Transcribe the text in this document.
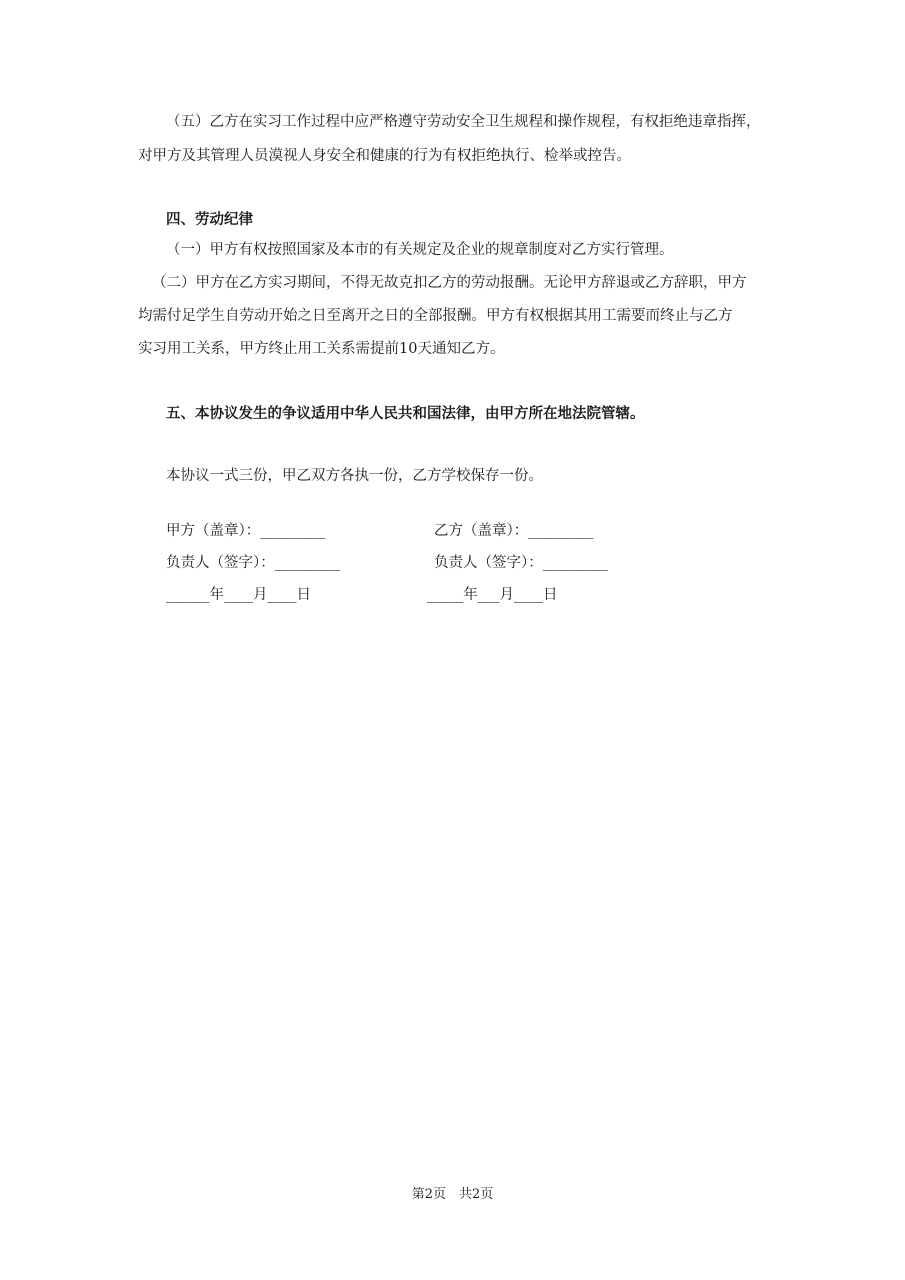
（五）乙方在实习工作过程中应严格遵守劳动安全卫生规程和操作规程，有权拒绝违章指挥，
对甲方及其管理人员漠视人身安全和健康的行为有权拒绝执行、检举或控告。
四、劳动纪律
（一）甲方有权按照国家及本市的有关规定及企业的规章制度对乙方实行管理。
（二）甲方在乙方实习期间，不得无故克扣乙方的劳动报酬。无论甲方辞退或乙方辞职，甲方
均需付足学生自劳动开始之日至离开之日的全部报酬。甲方有权根据其用工需要而终止与乙方
实习用工关系，甲方终止用工关系需提前10天通知乙方。
五、本协议发生的争议适用中华人民共和国法律，由甲方所在地法院管辖。
本协议一式三份，甲乙双方各执一份，乙方学校保存一份。
甲方（盖章）：_________
负责人（签字）：_________
______年____月____日
乙方（盖章）：_________
负责人（签字）：_________
_____年___月____日
第2页　共2页
